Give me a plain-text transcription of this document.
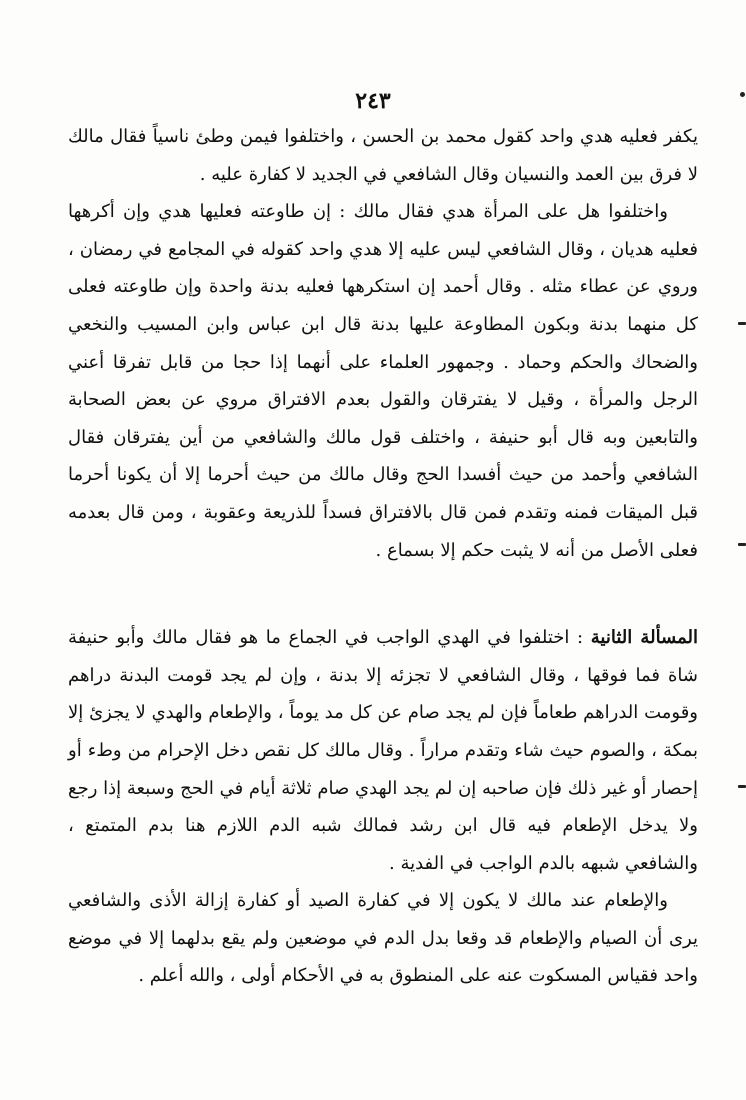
٢٤٣

يكفر فعليه هدي واحد كقول محمد بن الحسن ، واختلفوا فيمن وطئ ناسياً فقال مالك لا فرق بين العمد والنسيان وقال الشافعي في الجديد لا كفارة عليه .

واختلفوا هل على المرأة هدي فقال مالك : إن طاوعته فعليها هدي وإن أكرهها فعليه هديان ، وقال الشافعي ليس عليه إلا هدي واحد كقوله في المجامع في رمضان ، ورو‌ي عن عطاء مثله . وقال أحمد إن استكرهها فعليه بدنة واحدة وإن طاوعته فعلى كل منهما بدنة وبكون المطاوعة عليها بدنة قال ابن عباس وابن المسيب والنخعي والضحاك والحكم وحماد . وجمهور العلماء على أنهما إذا حجا من قابل تفرقا أعني الرجل والمرأة ، وقيل لا يفترقان والقول بعدم الافتراق مروي عن بعض الصحابة والتابعين وبه قال أبو حنيفة ، واختلف قول مالك والشافعي من أين يفترقان فقال الشافعي وأحمد من حيث أفسدا الحج وقال مالك من حيث أحرما إلا أن يكونا أحرما قبل الميقات فمنه وتقدم فمن قال بالافتراق فسداً للذريعة وعقوبة ، ومن قال بعدمه فعلى الأصل من أنه لا يثبت حكم إلا بسماع .

المسألة الثانية : اختلفوا في الهدي الواجب في الجماع ما هو فقال مالك وأبو حنيفة شاة فما فوقها ، وقال الشافعي لا تجزئه إلا بدنة ، وإن لم يجد قومت البدنة دراهم وقومت الدراهم طعاماً فإن لم يجد صام عن كل مد يوماً ، والإطعام والهدي لا يجزئ إلا بمكة ، والصوم حيث شاء وتقدم مراراً . وقال مالك كل نقص دخل الإحرام من وطء أو إحصار أو غير ذلك فإن صاحبه إن لم يجد الهدي صام ثلاثة أيام في الحج وسبعة إذا رجع ولا يدخل الإطعام فيه قال ابن رشد فمالك شبه الدم اللازم هنا بدم المتمتع ، والشافعي شبهه بالدم الواجب في الفدية .

والإطعام عند مالك لا يكون إلا في كفارة الصيد أو كفارة إزالة الأذى والشافعي يرى أن الصيام والإطعام قد وقعا بدل الدم في موضعين ولم يقع بدلهما إلا في موضع واحد فقياس المسكوت عنه على المنطوق به في الأحكام أولى ، والله أعلم .
